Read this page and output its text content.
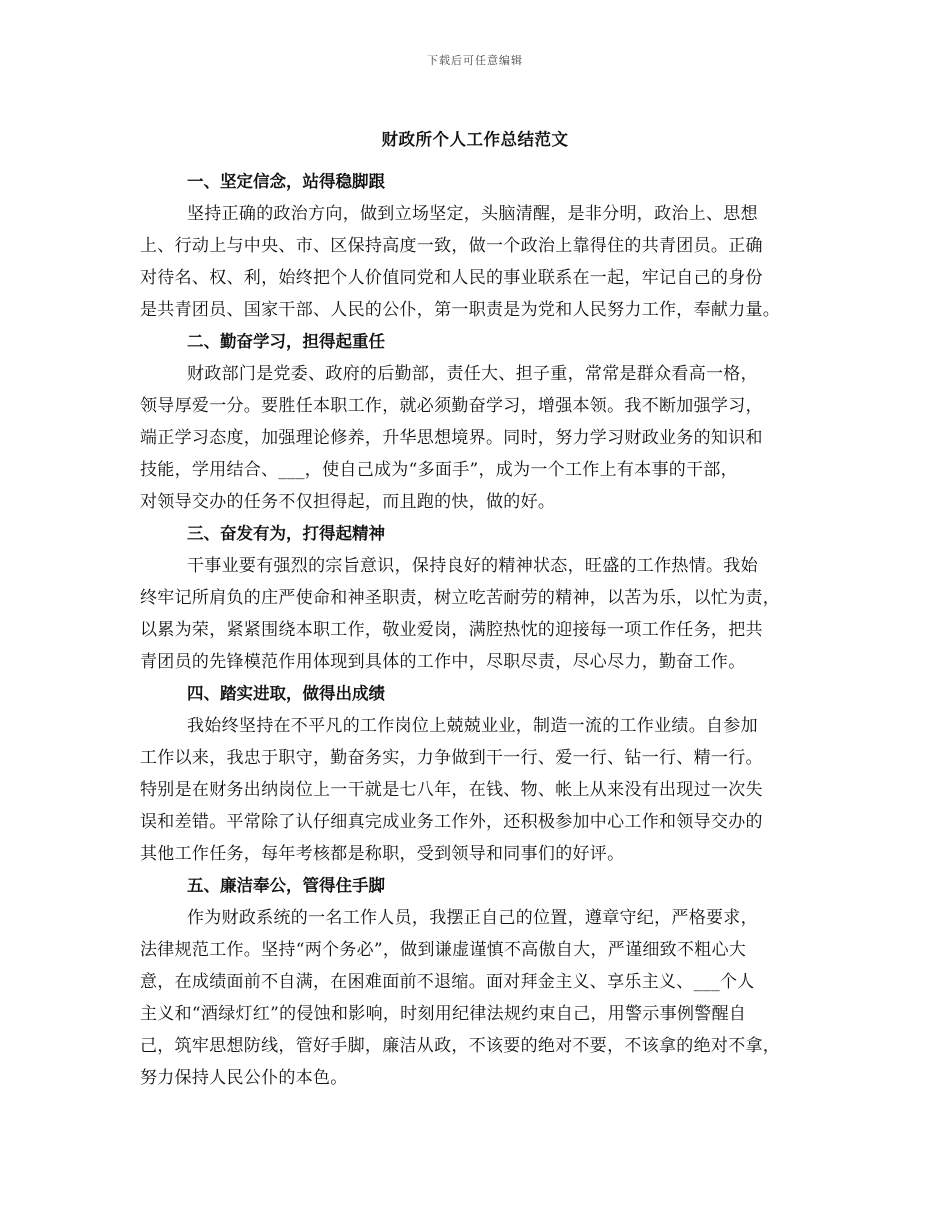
下载后可任意编辑
财政所个人工作总结范文
一、坚定信念，站得稳脚跟
坚持正确的政治方向，做到立场坚定，头脑清醒，是非分明，政治上、思想
上、行动上与中央、市、区保持高度一致，做一个政治上靠得住的共青团员。正确
对待名、权、利，始终把个人价值同党和人民的事业联系在一起，牢记自己的身份
是共青团员、国家干部、人民的公仆，第一职责是为党和人民努力工作，奉献力量。
二、勤奋学习，担得起重任
财政部门是党委、政府的后勤部，责任大、担子重，常常是群众看高一格，
领导厚爱一分。要胜任本职工作，就必须勤奋学习，增强本领。我不断加强学习，
端正学习态度，加强理论修养，升华思想境界。同时，努力学习财政业务的知识和
技能，学用结合、___，使自己成为“多面手”，成为一个工作上有本事的干部，
对领导交办的任务不仅担得起，而且跑的快，做的好。
三、奋发有为，打得起精神
干事业要有强烈的宗旨意识，保持良好的精神状态，旺盛的工作热情。我始
终牢记所肩负的庄严使命和神圣职责，树立吃苦耐劳的精神，以苦为乐，以忙为责，
以累为荣，紧紧围绕本职工作，敬业爱岗，满腔热忱的迎接每一项工作任务，把共
青团员的先锋模范作用体现到具体的工作中，尽职尽责，尽心尽力，勤奋工作。
四、踏实进取，做得出成绩
我始终坚持在不平凡的工作岗位上兢兢业业，制造一流的工作业绩。自参加
工作以来，我忠于职守，勤奋务实，力争做到干一行、爱一行、钻一行、精一行。
特别是在财务出纳岗位上一干就是七八年，在钱、物、帐上从来没有出现过一次失
误和差错。平常除了认仔细真完成业务工作外，还积极参加中心工作和领导交办的
其他工作任务，每年考核都是称职，受到领导和同事们的好评。
五、廉洁奉公，管得住手脚
作为财政系统的一名工作人员，我摆正自己的位置，遵章守纪，严格要求，
法律规范工作。坚持“两个务必”，做到谦虚谨慎不高傲自大，严谨细致不粗心大
意，在成绩面前不自满，在困难面前不退缩。面对拜金主义、享乐主义、___个人
主义和“酒绿灯红”的侵蚀和影响，时刻用纪律法规约束自己，用警示事例警醒自
己，筑牢思想防线，管好手脚，廉洁从政，不该要的绝对不要，不该拿的绝对不拿，
努力保持人民公仆的本色。
